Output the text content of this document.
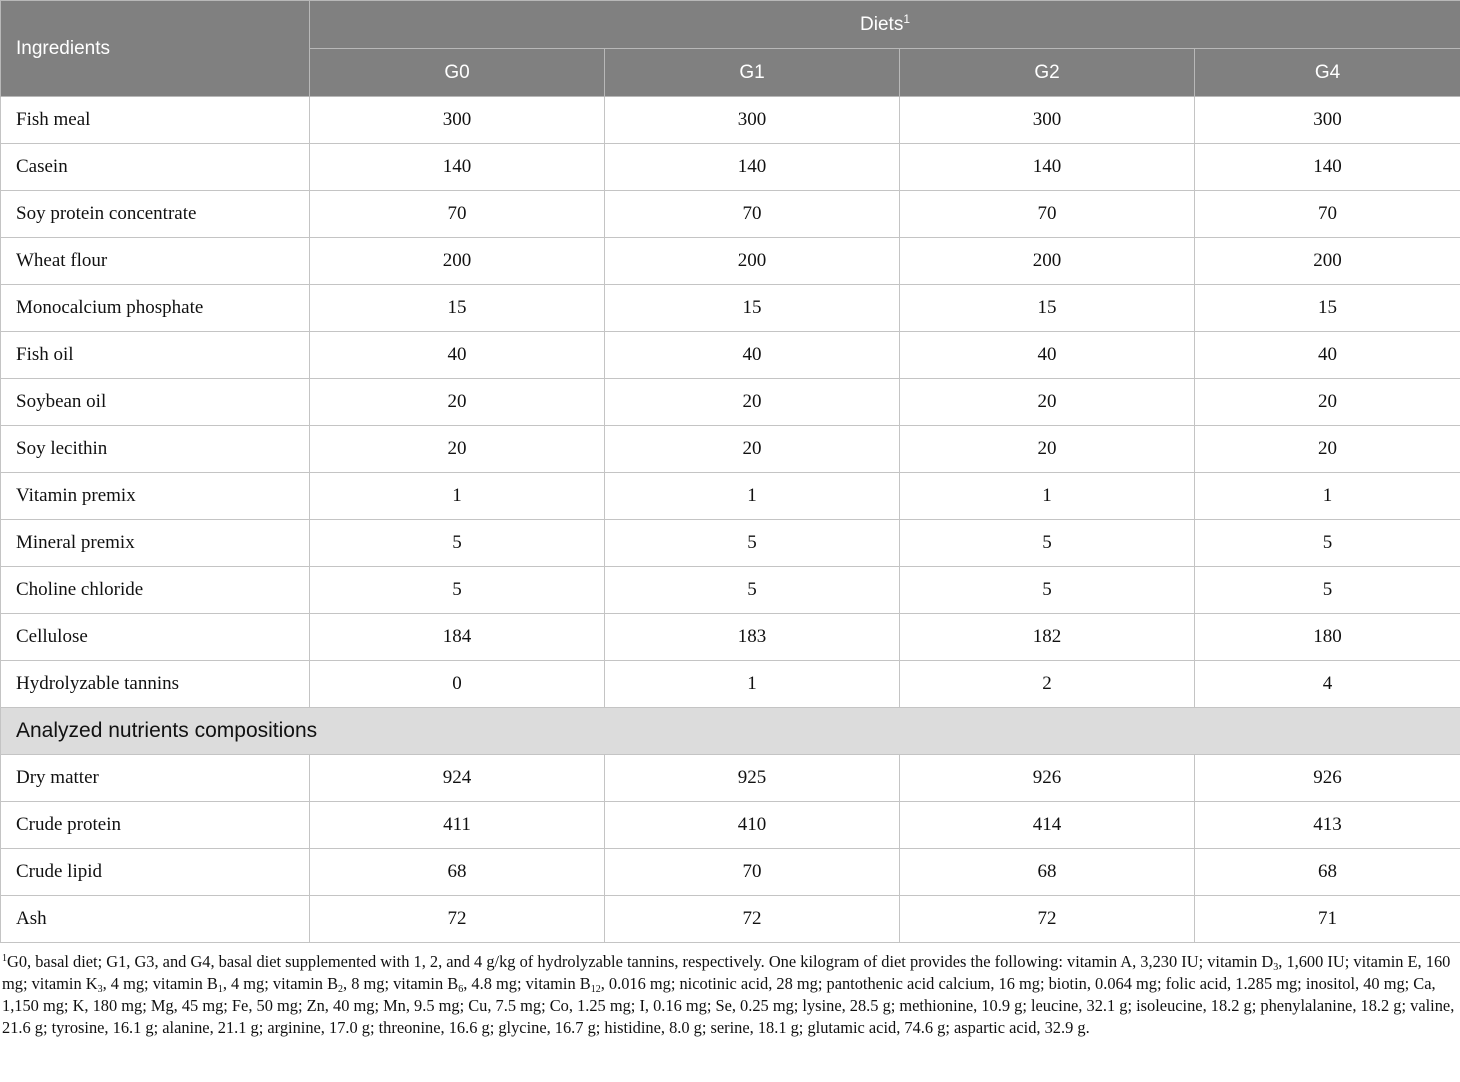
Ingredients	Diets$^1$
	G0	G1	G2	G4
Fish meal	300	300	300	300
Casein	140	140	140	140
Soy protein concentrate	70	70	70	70
Wheat flour	200	200	200	200
Monocalcium phosphate	15	15	15	15
Fish oil	40	40	40	40
Soybean oil	20	20	20	20
Soy lecithin	20	20	20	20
Vitamin premix	1	1	1	1
Mineral premix	5	5	5	5
Choline chloride	5	5	5	5
Cellulose	184	183	182	180
Hydrolyzable tannins	0	1	2	4
Analyzed nutrients compositions				
Dry matter	924	925	926	926
Crude protein	411	410	414	413
Crude lipid	68	70	68	68
Ash	72	72	72	71
$^1$G0, basal diet; G1, G3, and G4, basal diet supplemented with 1, 2, and 4 g/kg of hydrolyzable tannins, respectively. One kilogram of diet provides the following: vitamin A, 3,230 IU; vitamin $D_3$, 1,600 IU; vitamin E, 160 mg; vitamin $K_3$, 4 mg; vitamin $B_1$, 4 mg; vitamin $B_2$, 8 mg; vitamin $B_6$, 4.8 mg; vitamin $B_{12}$, 0.016 mg; nicotinic acid, 28 mg; pantothenic acid calcium, 16 mg; biotin, 0.064 mg; folic acid, 1.285 mg; inositol, 40 mg; Ca, 1,150 mg; K, 180 mg; Mg, 45 mg; Fe, 50 mg; Zn, 40 mg; Mn, 9.5 mg; Cu, 7.5 mg; Co, 1.25 mg; I, 0.16 mg; Se, 0.25 mg; lysine, 28.5 g; methionine, 10.9 g; leucine, 32.1 g; isoleucine, 18.2 g; phenylalanine, 18.2 g; valine, 21.6 g; tyrosine, 16.1 g; alanine, 21.1 g; arginine, 17.0 g; threonine, 16.6 g; glycine, 16.7 g; histidine, 8.0 g; serine, 18.1 g; glutamic acid, 74.6 g; aspartic acid, 32.9 g.
